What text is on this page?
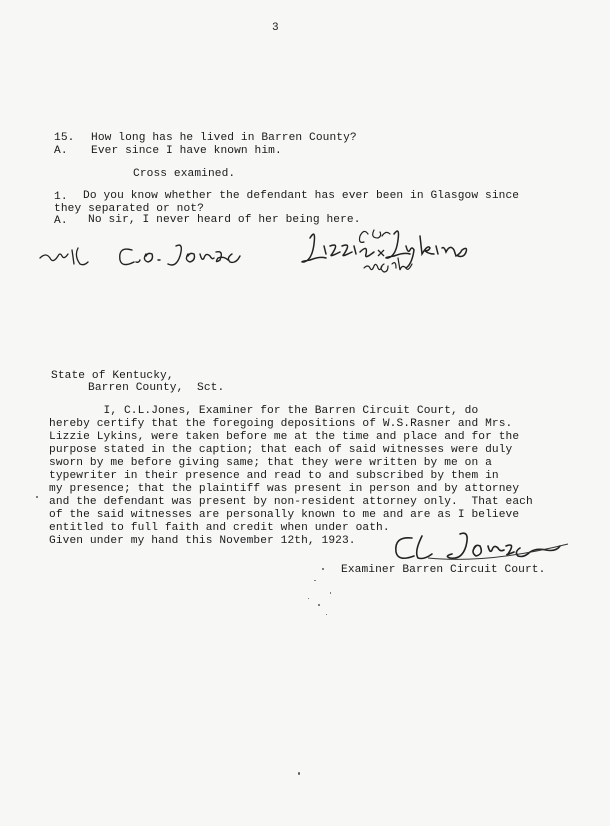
3
15. How long has he lived in Barren County?
A. Ever since I have known him.
Cross examined.
1. Do you know whether the defendant has ever been in Glasgow since
they separated or not?
A. No sir, I never heard of her being here.
State of Kentucky,
Barren County,  Sct.
I, C.L.Jones, Examiner for the Barren Circuit Court, do
hereby certify that the foregoing depositions of W.S.Rasner and Mrs.
Lizzie Lykins, were taken before me at the time and place and for the
purpose stated in the caption; that each of said witnesses were duly
sworn by me before giving same; that they were written by me on a
typewriter in their presence and read to and subscribed by them in
my presence; that the plaintiff was present in person and by attorney
and the defendant was present by non-resident attorney only.  That each
of the said witnesses are personally known to me and are as I believe
entitled to full faith and credit when under oath.
Given under my hand this November 12th, 1923.
Examiner Barren Circuit Court.
